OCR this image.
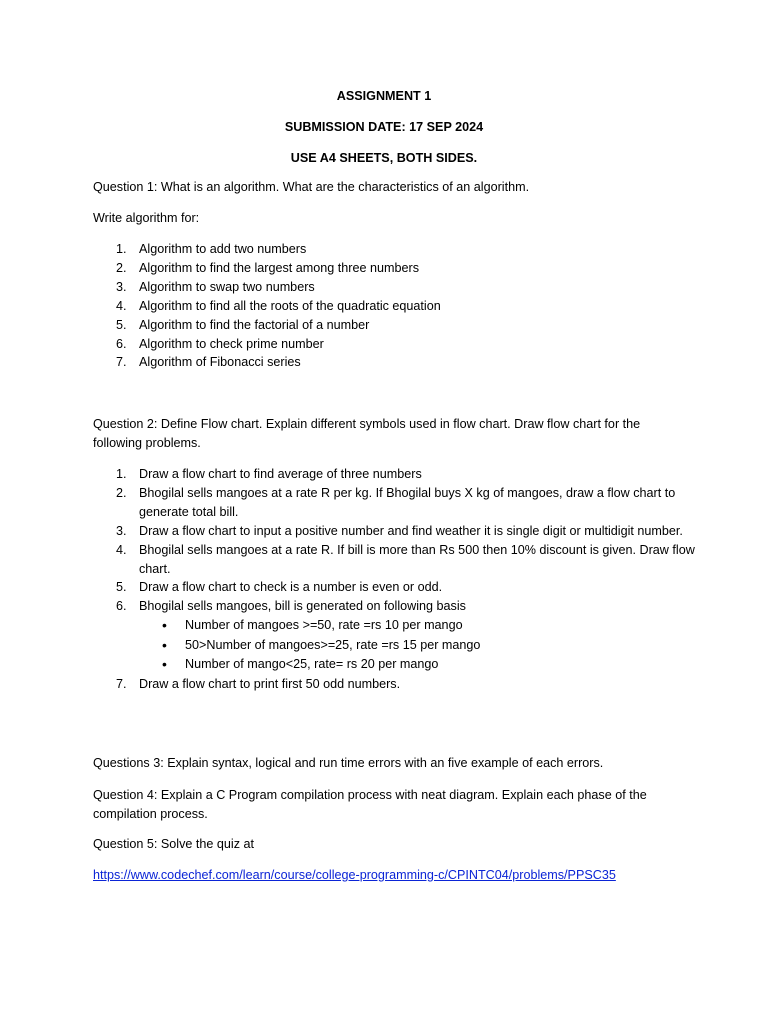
ASSIGNMENT 1
SUBMISSION DATE: 17 SEP 2024
USE A4 SHEETS, BOTH SIDES.

Question 1: What is an algorithm. What are the characteristics of an algorithm.

Write algorithm for:

Algorithm to add two numbers
Algorithm to find the largest among three numbers
Algorithm to swap two numbers
Algorithm to find all the roots of the quadratic equation
Algorithm to find the factorial of a number
Algorithm to check prime number
Algorithm of Fibonacci series

Question 2: Define Flow chart. Explain different symbols used in flow chart. Draw flow chart for the following problems.

Draw a flow chart to find average of three numbers
Bhogilal sells mangoes at a rate R per kg. If Bhogilal buys X kg of mangoes, draw a flow chart to generate total bill.
Draw a flow chart to input a positive number and find weather it is single digit or multidigit number.
Bhogilal sells mangoes at a rate R. If bill is more than Rs 500 then 10% discount is given. Draw flow chart.
Draw a flow chart to check is a number is even or odd.
Bhogilal sells mangoes, bill is generated on following basis
• Number of mangoes >=50, rate =rs 10 per mango
• 50>Number of mangoes>=25, rate =rs 15 per mango
• Number of mango<25, rate= rs 20 per mango
Draw a flow chart to print first 50 odd numbers.

Questions 3: Explain syntax, logical and run time errors with an five example of each errors.

Question 4: Explain a C Program compilation process with neat diagram. Explain each phase of the compilation process.

Question 5: Solve the quiz at

https://www.codechef.com/learn/course/college-programming-c/CPINTC04/problems/PPSC35
